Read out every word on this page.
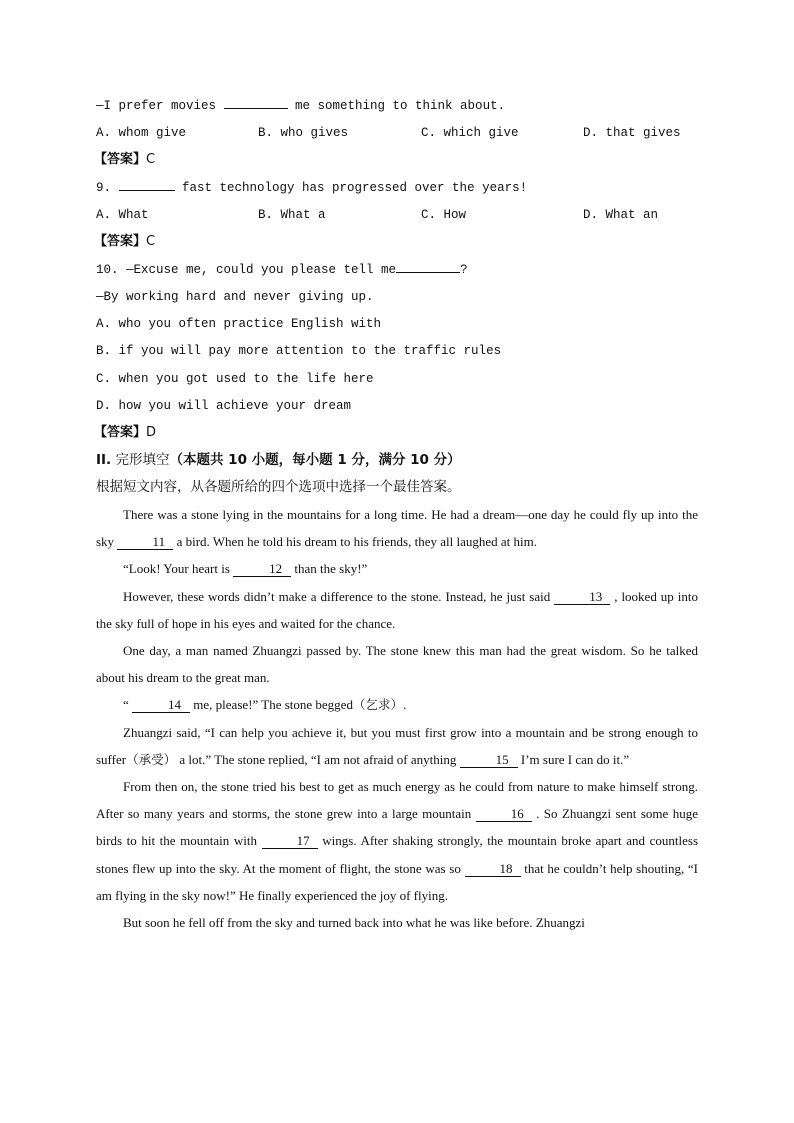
—I prefer movies	me something to think about.
A. whom give	B. who gives	C. which give	D. that gives
【答案】C
9.	fast technology has progressed over the years!
A. What	B. What a	C. How	D. What an
【答案】C
10. —Excuse me, could you please tell me	?
—By working hard and never giving up.
A. who you often practice English with
B. if you will pay more attention to the traffic rules
C. when you got used to the life here
D. how you will achieve your dream
【答案】D
II. 完形填空（本题共 10 小题，每小题 1 分，满分 10 分）
根据短文内容，从各题所给的四个选项中选择一个最佳答案。

There was a stone lying in the mountains for a long time. He had a dream—one day he could fly up into the sky	11 a bird. When he told his dream to his friends, they all laughed at him.

“Look! Your heart is	12 than the sky!”

However, these words didn’t make a difference to the stone. Instead, he just said	13 , looked up into the sky full of hope in his eyes and waited for the chance.

One day, a man named Zhuangzi passed by. The stone knew this man had the great wisdom. So he talked about his dream to the great man.

“	14 me, please!” The stone begged（乞求）.

Zhuangzi said, “I can help you achieve it, but you must first grow into a mountain and be strong enough to suffer（承受） a lot.” The stone replied, “I am not afraid of anything	15 I’m sure I can do it.”

From then on, the stone tried his best to get as much energy as he could from nature to make himself strong. After so many years and storms, the stone grew into a large mountain	16 . So Zhuangzi sent some huge birds to hit the mountain with	17 wings. After shaking strongly, the mountain broke apart and countless stones flew up into the sky. At the moment of flight, the stone was so	18 that he couldn’t help shouting, “I am flying in the sky now!” He finally experienced the joy of flying.

But soon he fell off from the sky and turned back into what he was like before. Zhuangzi
